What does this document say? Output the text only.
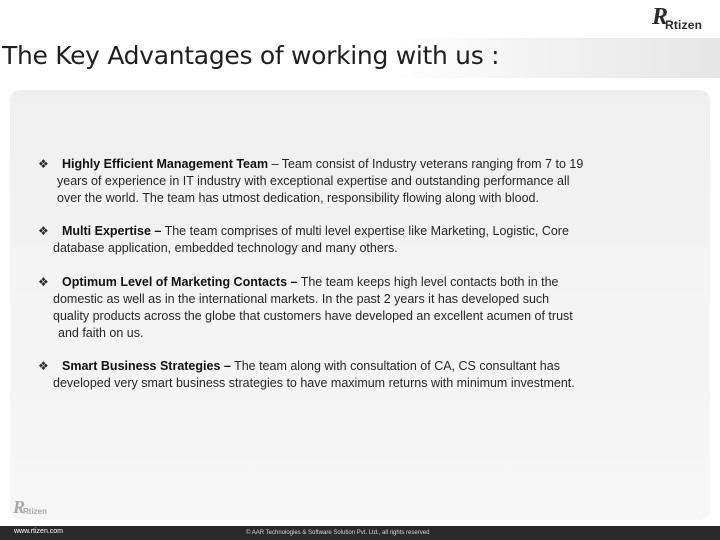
R
Rtizen
The Key Advantages of working with us :
❖ Highly Efficient Management Team – Team consist of Industry veterans ranging from 7 to 19
years of experience in IT industry with exceptional expertise and outstanding performance all
over the world. The team has utmost dedication, responsibility flowing along with blood.
❖ Multi Expertise – The team comprises of multi level expertise like Marketing, Logistic, Core
database application, embedded technology and many others.
❖ Optimum Level of Marketing Contacts – The team keeps high level contacts both in the
domestic as well as in the international markets. In the past 2 years it has developed such
quality products across the globe that customers have developed an excellent acumen of trust
and faith on us.
❖ Smart Business Strategies – The team along with consultation of CA, CS consultant has
developed very smart business strategies to have maximum returns with minimum investment.
R
Rtizen
www.rtizen.com	© AAR Technologies & Software Solution Pvt. Ltd., all rights reserved
